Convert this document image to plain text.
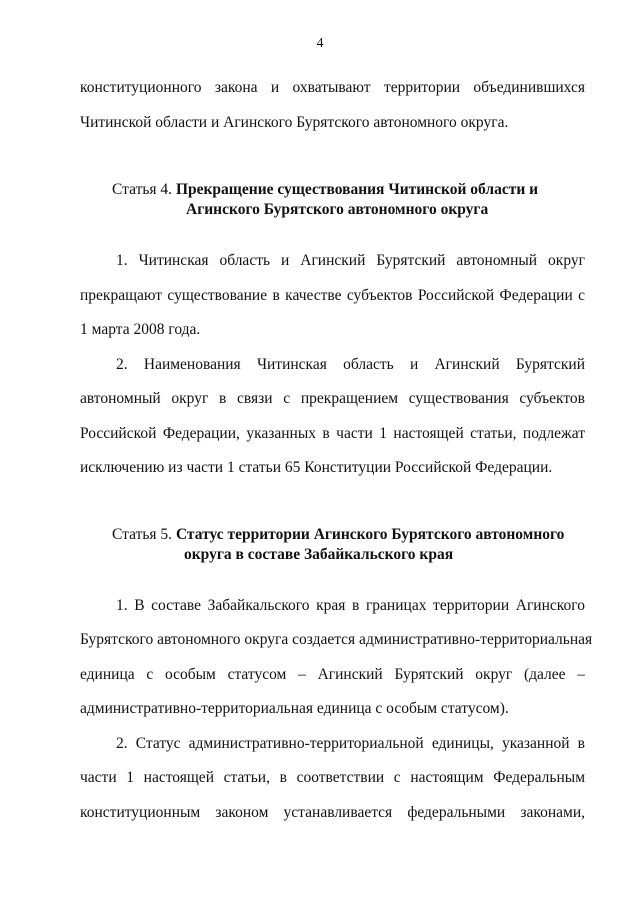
4
конституционного закона и охватывают территории объединившихся
Читинской области и Агинского Бурятского автономного округа.
Статья 4. Прекращение существования Читинской области и
Агинского Бурятского автономного округа
1. Читинская область и Агинский Бурятский автономный округ
прекращают существование в качестве субъектов Российской Федерации с
1 марта 2008 года.
2. Наименования Читинская область и Агинский Бурятский
автономный округ в связи с прекращением существования субъектов
Российской Федерации, указанных в части 1 настоящей статьи, подлежат
исключению из части 1 статьи 65 Конституции Российской Федерации.
Статья 5. Статус территории Агинского Бурятского автономного
округа в составе Забайкальского края
1. В составе Забайкальского края в границах территории Агинского
Бурятского автономного округа создается административно-территориальная
единица с особым статусом – Агинский Бурятский округ (далее –
административно-территориальная единица с особым статусом).
2. Статус административно-территориальной единицы, указанной в
части 1 настоящей статьи, в соответствии с настоящим Федеральным
конституционным законом устанавливается федеральными законами,
